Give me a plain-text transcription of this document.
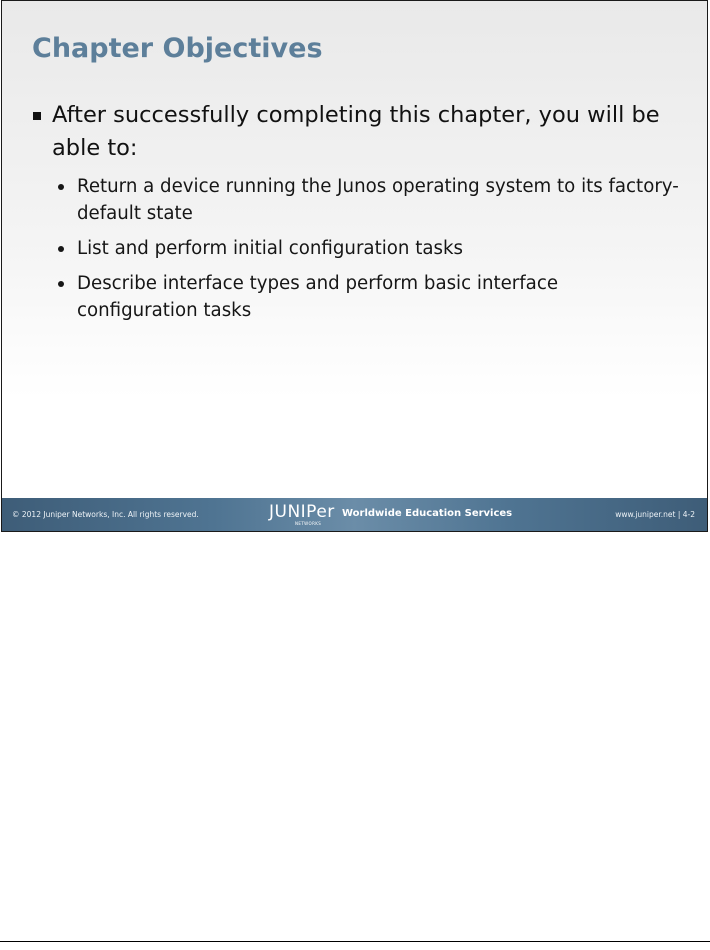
Chapter Objectives
After successfully completing this chapter, you will be able to:
Return a device running the Junos operating system to its factory-default state
List and perform initial configuration tasks
Describe interface types and perform basic interface configuration tasks
© 2012 Juniper Networks, Inc. All rights reserved.	JUNIPer
NETWORKS
Worldwide Education Services	www.juniper.net | 4-2
